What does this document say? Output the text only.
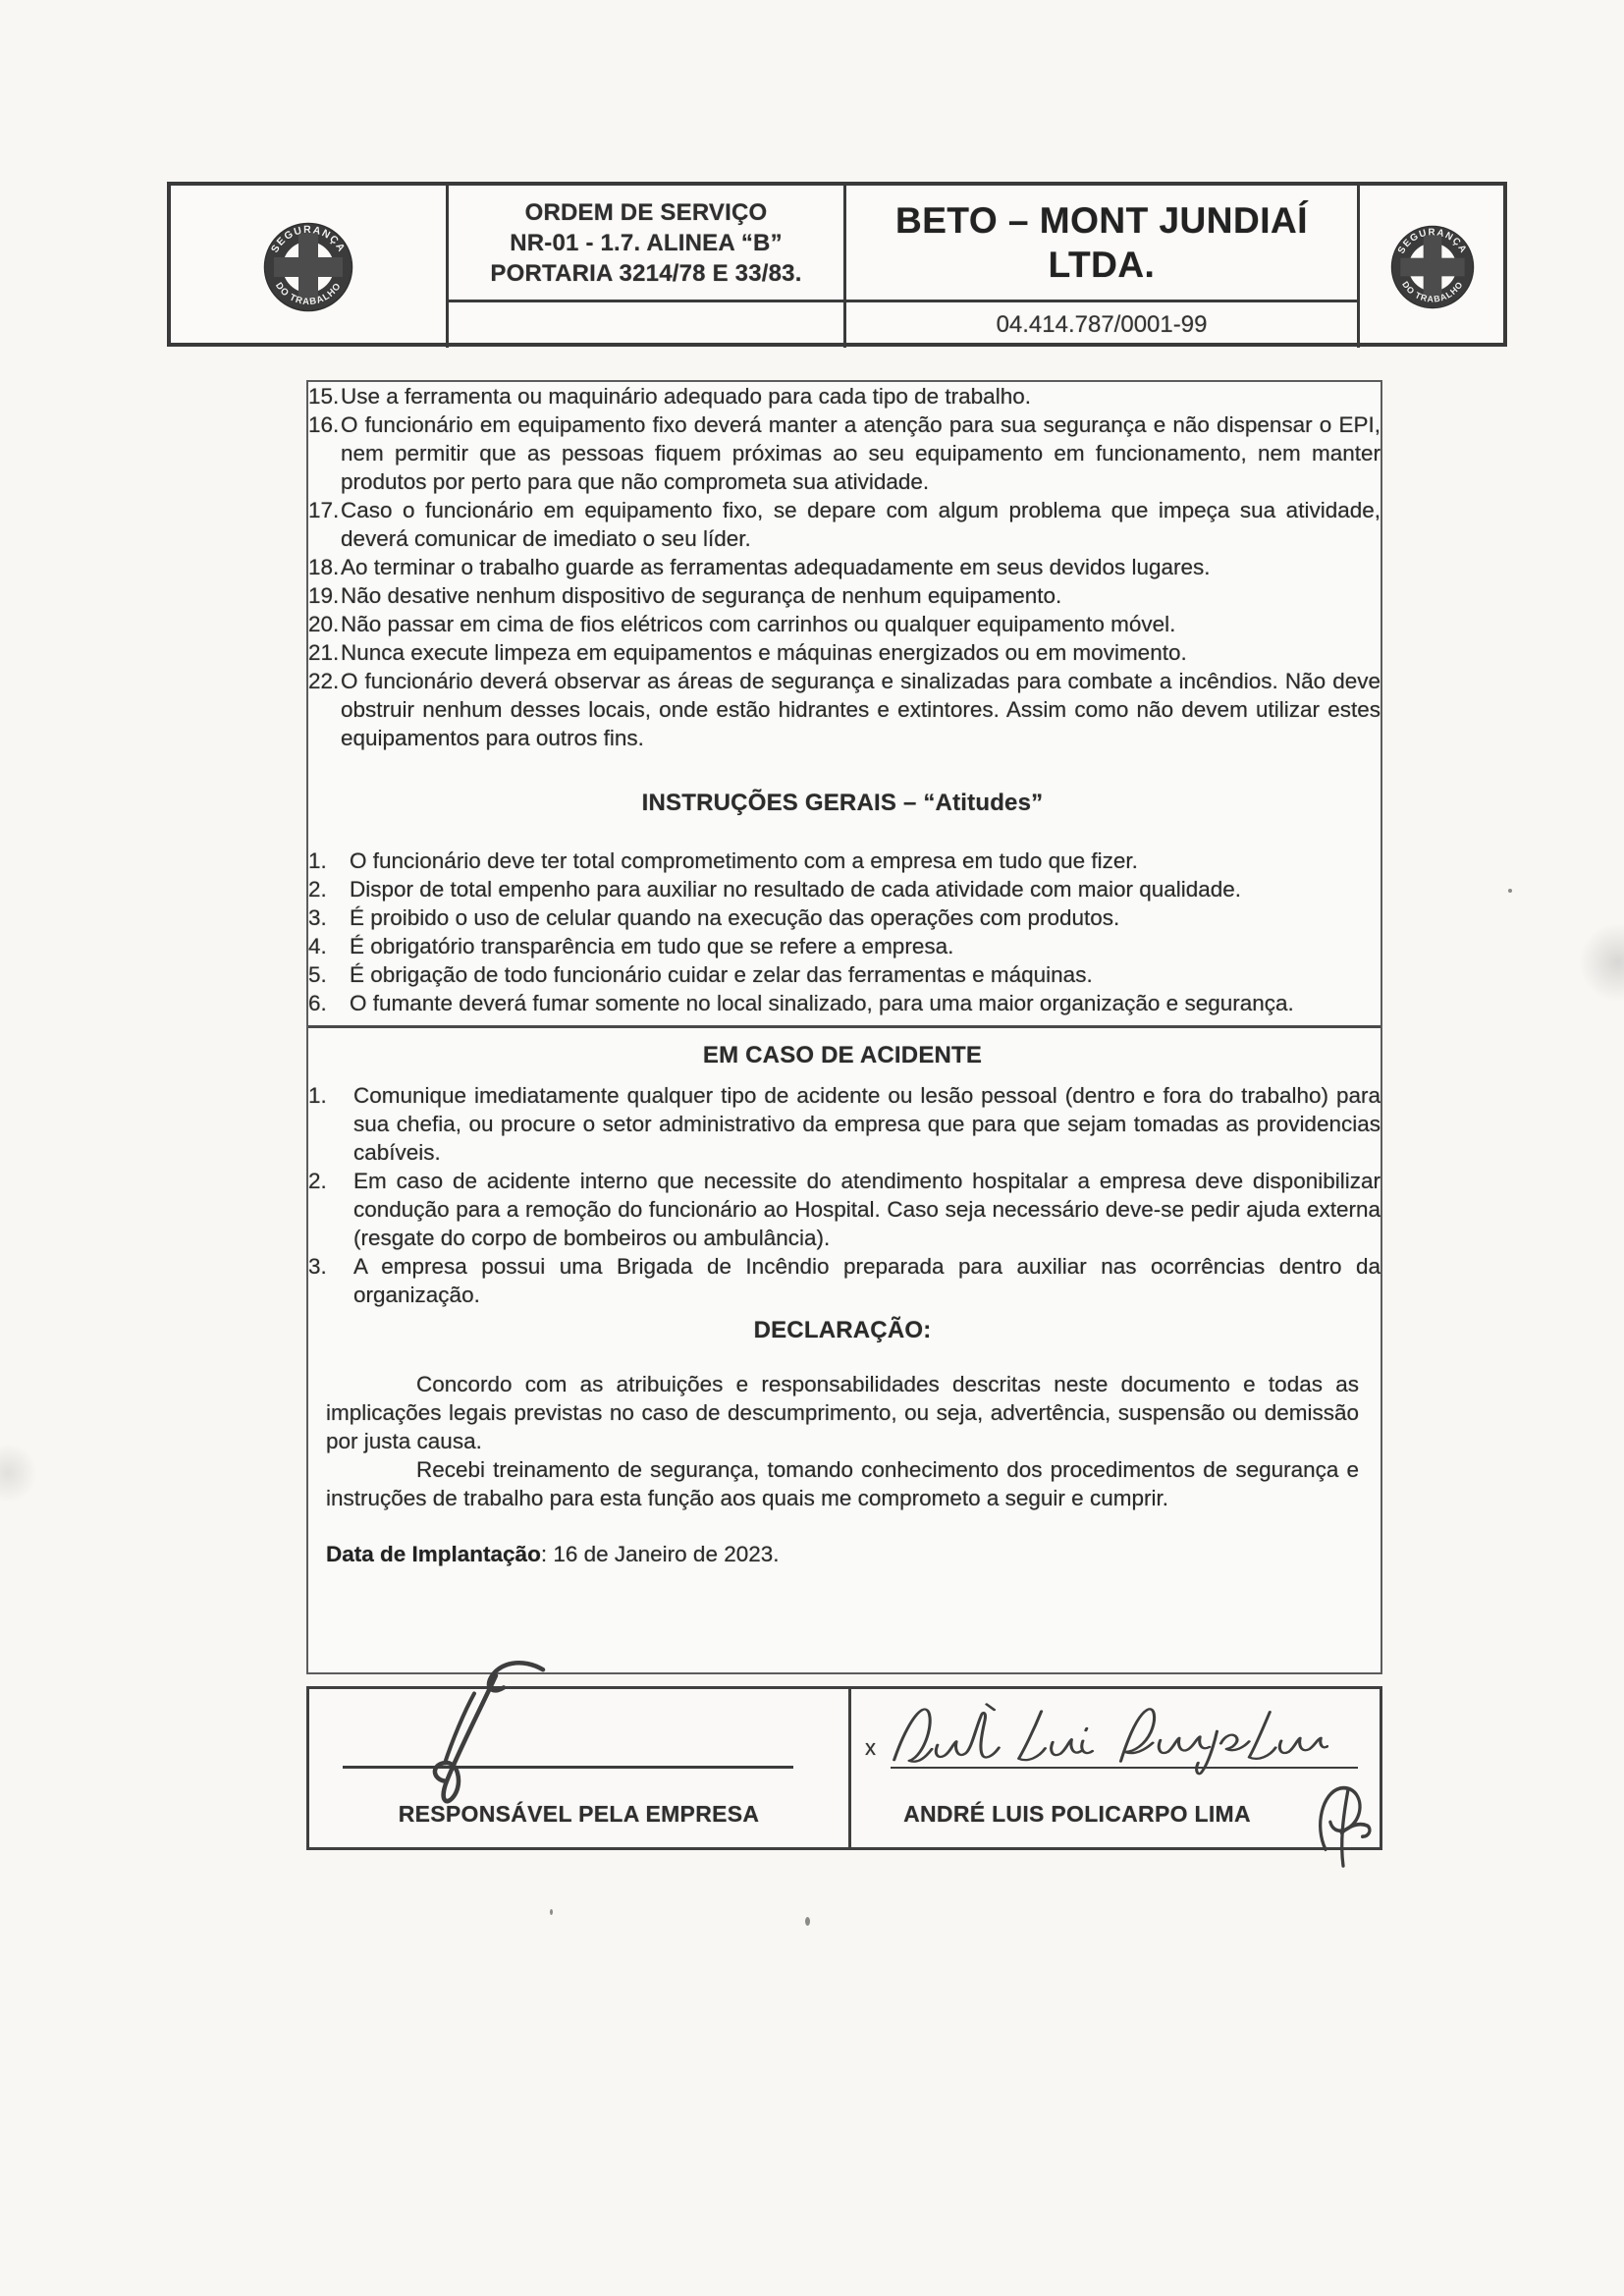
SEGURANÇA
DO TRABALHO
ORDEM DE SERVIÇO
NR-01 - 1.7. ALINEA “B”
PORTARIA 3214/78 E 33/83.
BETO – MONT JUNDIAÍ
LTDA.
04.414.787/0001-99
SEGURANÇA
DO TRABALHO
15. Use a ferramenta ou maquinário adequado para cada tipo de trabalho.
16. O funcionário em equipamento fixo deverá manter a atenção para sua segurança e não dispensar o EPI, nem permitir que as pessoas fiquem próximas ao seu equipamento em funcionamento, nem manter produtos por perto para que não comprometa sua atividade.
17. Caso o funcionário em equipamento fixo, se depare com algum problema que impeça sua atividade, deverá comunicar de imediato o seu líder.
18. Ao terminar o trabalho guarde as ferramentas adequadamente em seus devidos lugares.
19. Não desative nenhum dispositivo de segurança de nenhum equipamento.
20. Não passar em cima de fios elétricos com carrinhos ou qualquer equipamento móvel.
21. Nunca execute limpeza em equipamentos e máquinas energizados ou em movimento.
22. O funcionário deverá observar as áreas de segurança e sinalizadas para combate a incêndios. Não deve obstruir nenhum desses locais, onde estão hidrantes e extintores. Assim como não devem utilizar estes equipamentos para outros fins.
INSTRUÇÕES GERAIS – “Atitudes”
1. O funcionário deve ter total comprometimento com a empresa em tudo que fizer.
2. Dispor de total empenho para auxiliar no resultado de cada atividade com maior qualidade.
3. É proibido o uso de celular quando na execução das operações com produtos.
4. É obrigatório transparência em tudo que se refere a empresa.
5. É obrigação de todo funcionário cuidar e zelar das ferramentas e máquinas.
6. O fumante deverá fumar somente no local sinalizado, para uma maior organização e segurança.
EM CASO DE ACIDENTE
1. Comunique imediatamente qualquer tipo de acidente ou lesão pessoal (dentro e fora do trabalho) para sua chefia, ou procure o setor administrativo da empresa que para que sejam tomadas as providencias cabíveis.
2. Em caso de acidente interno que necessite do atendimento hospitalar a empresa deve disponibilizar condução para a remoção do funcionário ao Hospital. Caso seja necessário deve-se pedir ajuda externa (resgate do corpo de bombeiros ou ambulância).
3. A empresa possui uma Brigada de Incêndio preparada para auxiliar nas ocorrências dentro da organização.
DECLARAÇÃO:

Concordo com as atribuições e responsabilidades descritas neste documento e todas as implicações legais previstas no caso de descumprimento, ou seja, advertência, suspensão ou demissão por justa causa.

Recebi treinamento de segurança, tomando conhecimento dos procedimentos de segurança e instruções de trabalho para esta função aos quais me comprometo a seguir e cumprir.

Data de Implantação: 16 de Janeiro de 2023.
RESPONSÁVEL PELA EMPRESA
x
ANDRÉ LUIS POLICARPO LIMA
